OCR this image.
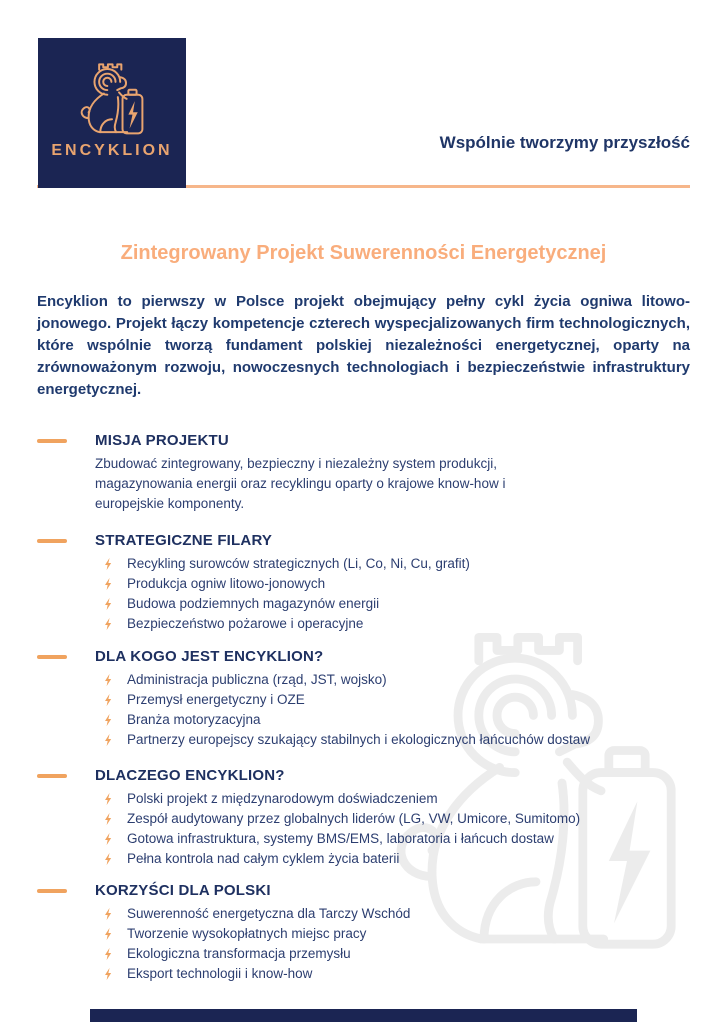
ENCYKLION	Wspólnie tworzymy przyszłość
Zintegrowany Projekt Suwerenności Energetycznej

Encyklion to pierwszy w Polsce projekt obejmujący pełny cykl życia ogniwa litowo-jonowego. Projekt łączy kompetencje czterech wyspecjalizowanych firm technologicznych, które wspólnie tworzą fundament polskiej niezależności energetycznej, oparty na zrównoważonym rozwoju, nowoczesnych technologiach i bezpieczeństwie infrastruktury energetycznej.

MISJA PROJEKTU

Zbudować zintegrowany, bezpieczny i niezależny system produkcji, magazynowania energii oraz recyklingu oparty o krajowe know-how i europejskie komponenty.

STRATEGICZNE FILARY
Recykling surowców strategicznych (Li, Co, Ni, Cu, grafit)
Produkcja ogniw litowo-jonowych
Budowa podziemnych magazynów energii
Bezpieczeństwo pożarowe i operacyjne
DLA KOGO JEST ENCYKLION?
Administracja publiczna (rząd, JST, wojsko)
Przemysł energetyczny i OZE
Branża motoryzacyjna
Partnerzy europejscy szukający stabilnych i ekologicznych łańcuchów dostaw
DLACZEGO ENCYKLION?
Polski projekt z międzynarodowym doświadczeniem
Zespół audytowany przez globalnych liderów (LG, VW, Umicore, Sumitomo)
Gotowa infrastruktura, systemy BMS/EMS, laboratoria i łańcuch dostaw
Pełna kontrola nad całym cyklem życia baterii
KORZYŚCI DLA POLSKI
Suwerenność energetyczna dla Tarczy Wschód
Tworzenie wysokopłatnych miejsc pracy
Ekologiczna transformacja przemysłu
Eksport technologii i know-how
